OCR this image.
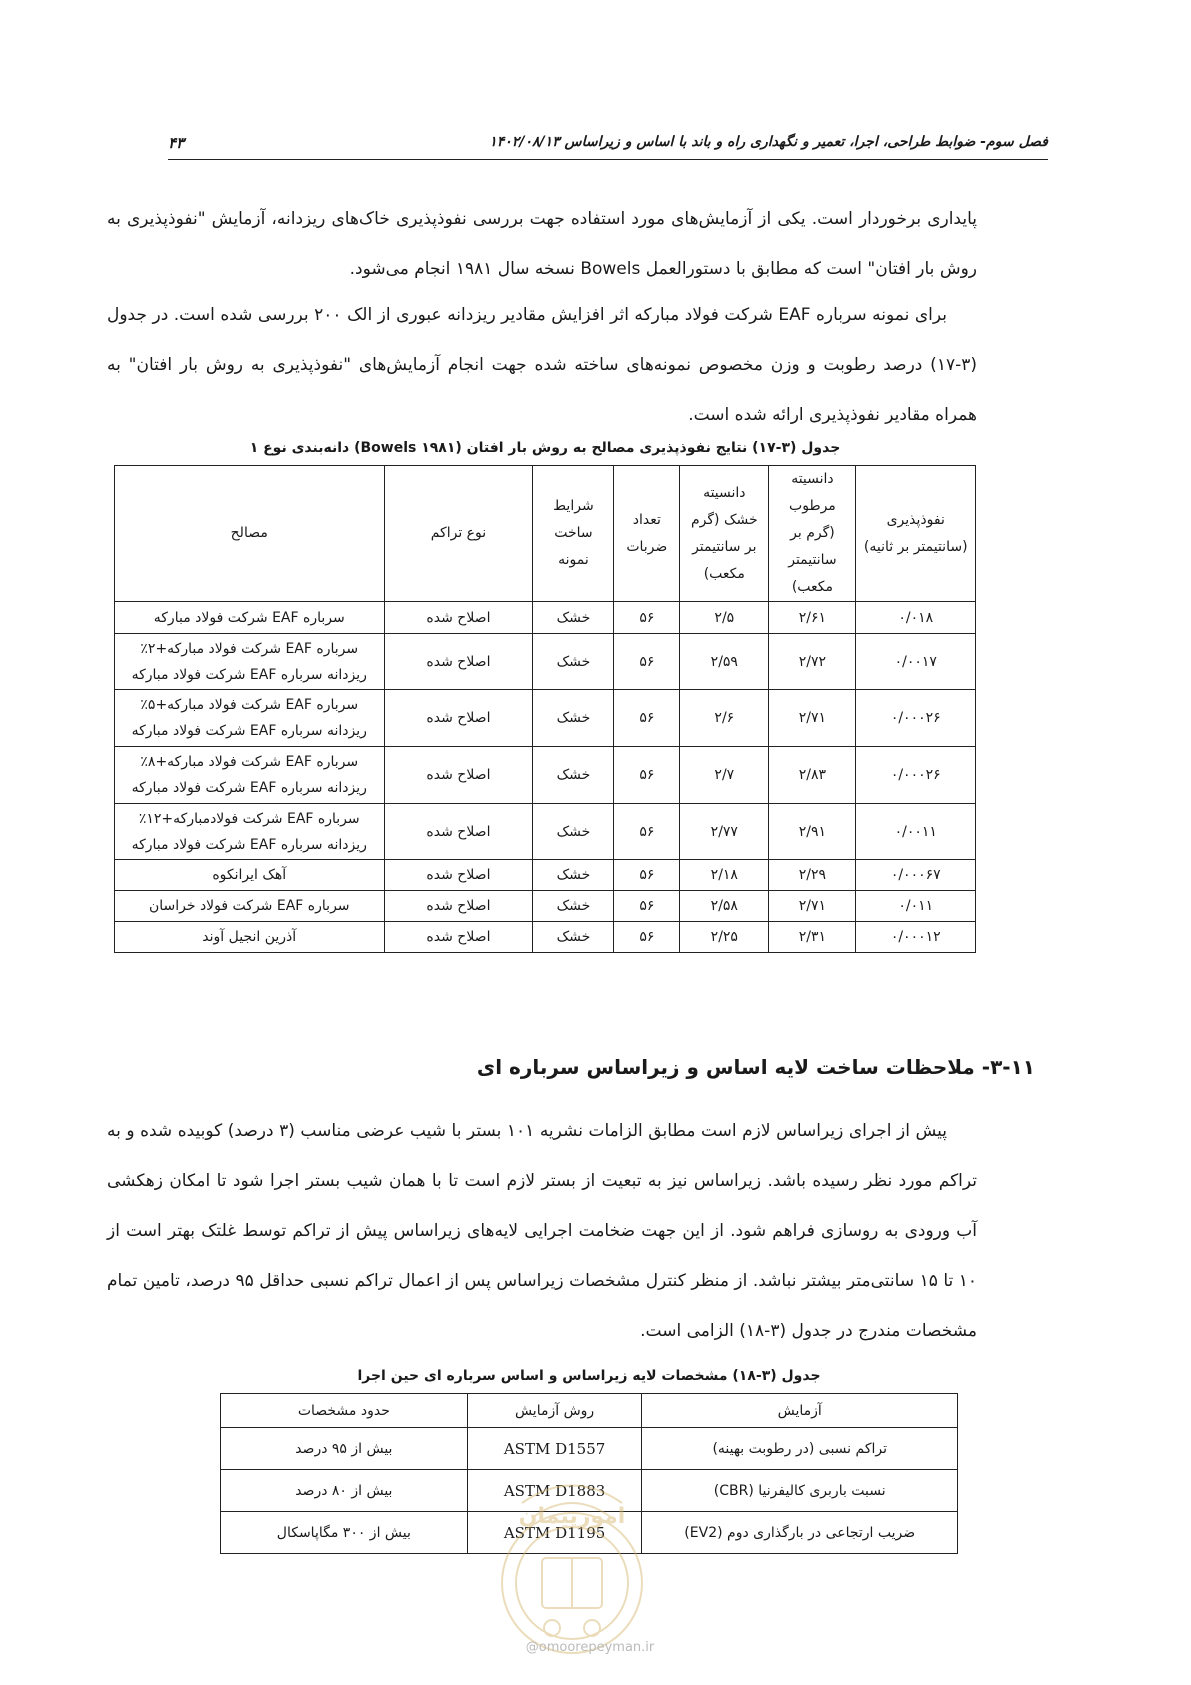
فصل سوم- ضوابط طراحی، اجرا، تعمیر و نگهداری راه و باند با اساس و زیراساس ۱۴۰۲/۰۸/۱۳
۴۳
پایداری برخوردار است. یکی از آزمایش‌های مورد استفاده جهت بررسی نفوذپذیری خاک‌های ریزدانه، آزمایش "نفوذپذیری به روش بار افتان" است که مطابق با دستورالعمل Bowels نسخه سال ۱۹۸۱ انجام می‌شود.
برای نمونه سرباره EAF شرکت فولاد مبارکه اثر افزایش مقادیر ریزدانه عبوری از الک ۲۰۰ بررسی شده است. در جدول (۳-۱۷) درصد رطوبت و وزن مخصوص نمونه‌های ساخته شده جهت انجام آزمایش‌های "نفوذپذیری به روش بار افتان" به همراه مقادیر نفوذپذیری ارائه شده است.
جدول (۳-۱۷) نتایج نفوذپذیری مصالح به روش بار افتان (Bowels ۱۹۸۱) دانه‌بندی نوع ۱
نفوذپذیری (سانتیمتر بر ثانیه)	دانسیته مرطوب (گرم بر سانتیمتر مکعب)	دانسیته خشک (گرم بر سانتیمتر مکعب)	تعداد ضربات	شرایط ساخت نمونه	نوع تراکم	مصالح
۰/۰۱۸	۲/۶۱	۲/۵	۵۶	خشک	اصلاح شده	سرباره EAF شرکت فولاد مبارکه

۰/۰۰۱۷	۲/۷۲	۲/۵۹	۵۶	خشک	اصلاح شده	سرباره EAF شرکت فولاد مبارکه+۲٪
ریزدانه سرباره EAF شرکت فولاد مبارکه

۰/۰۰۰۲۶	۲/۷۱	۲/۶	۵۶	خشک	اصلاح شده	سرباره EAF شرکت فولاد مبارکه+۵٪
ریزدانه سرباره EAF شرکت فولاد مبارکه

۰/۰۰۰۲۶	۲/۸۳	۲/۷	۵۶	خشک	اصلاح شده	سرباره EAF شرکت فولاد مبارکه+۸٪
ریزدانه سرباره EAF شرکت فولاد مبارکه

۰/۰۰۱۱	۲/۹۱	۲/۷۷	۵۶	خشک	اصلاح شده	سرباره EAF شرکت فولادمبارکه+۱۲٪
ریزدانه سرباره EAF شرکت فولاد مبارکه

۰/۰۰۰۶۷	۲/۲۹	۲/۱۸	۵۶	خشک	اصلاح شده	آهک ایرانکوه

۰/۰۱۱	۲/۷۱	۲/۵۸	۵۶	خشک	اصلاح شده	سرباره EAF شرکت فولاد خراسان

۰/۰۰۰۱۲	۲/۳۱	۲/۲۵	۵۶	خشک	اصلاح شده	آذرین انجیل آوند
۳-۱۱- ملاحظات ساخت لایه اساس و زیراساس سرباره ای
پیش از اجرای زیراساس لازم است مطابق الزامات نشریه ۱۰۱ بستر با شیب عرضی مناسب (۳ درصد) کوبیده شده و به تراکم مورد نظر رسیده باشد. زیراساس نیز به تبعیت از بستر لازم است تا با همان شیب بستر اجرا شود تا امکان زهکشی آب ورودی به روسازی فراهم شود. از این جهت ضخامت اجرایی لایه‌های زیراساس پیش از تراکم توسط غلتک بهتر است از ۱۰ تا ۱۵ سانتی‌متر بیشتر نباشد. از منظر کنترل مشخصات زیراساس پس از اعمال تراکم نسبی حداقل ۹۵ درصد، تامین تمام مشخصات مندرج در جدول (۳-۱۸) الزامی است.
جدول (۳-۱۸) مشخصات لایه زیراساس و اساس سرباره ای حین اجرا
آزمایش	روش آزمایش	حدود مشخصات
تراکم نسبی (در رطوبت بهینه)	ASTM D1557	بیش از ۹۵ درصد
نسبت باربری کالیفرنیا (CBR)	ASTM D1883	بیش از ۸۰ درصد
ضریب ارتجاعی در بارگذاری دوم (EV2)	ASTM D1195	بیش از ۳۰۰ مگاپاسکال
امورپیمان
@omoorepeyman.ir
